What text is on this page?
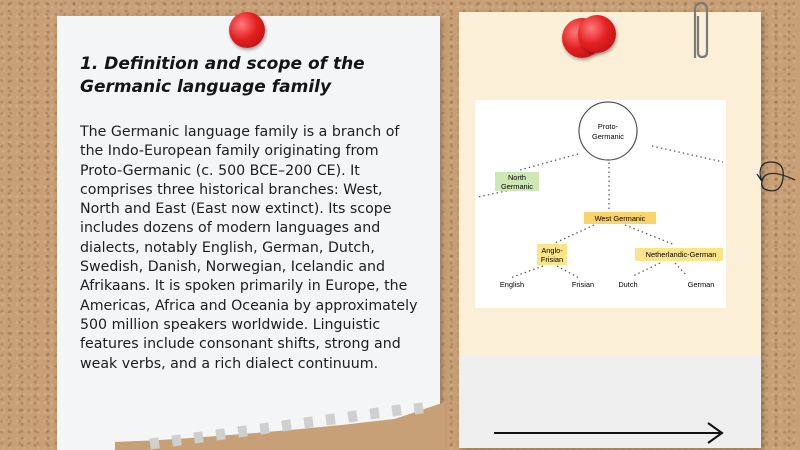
1. Definition and scope of the Germanic language family

The Germanic language family is a branch of the Indo-European family originating from Proto-Germanic (c. 500 BCE–200 CE). It comprises three historical branches: West, North and East (East now extinct). Its scope includes dozens of modern languages and dialects, notably English, German, Dutch, Swedish, Danish, Norwegian, Icelandic and Afrikaans. It is spoken primarily in Europe, the Americas, Africa and Oceania by approximately 500 million speakers worldwide. Linguistic features include consonant shifts, strong and weak verbs, and a rich dialect continuum.

Proto-
Germanic
North
Germanic
West Germanic
Anglo-
Frisian
Netherlandic-German
English	Frisian	Dutch	German
